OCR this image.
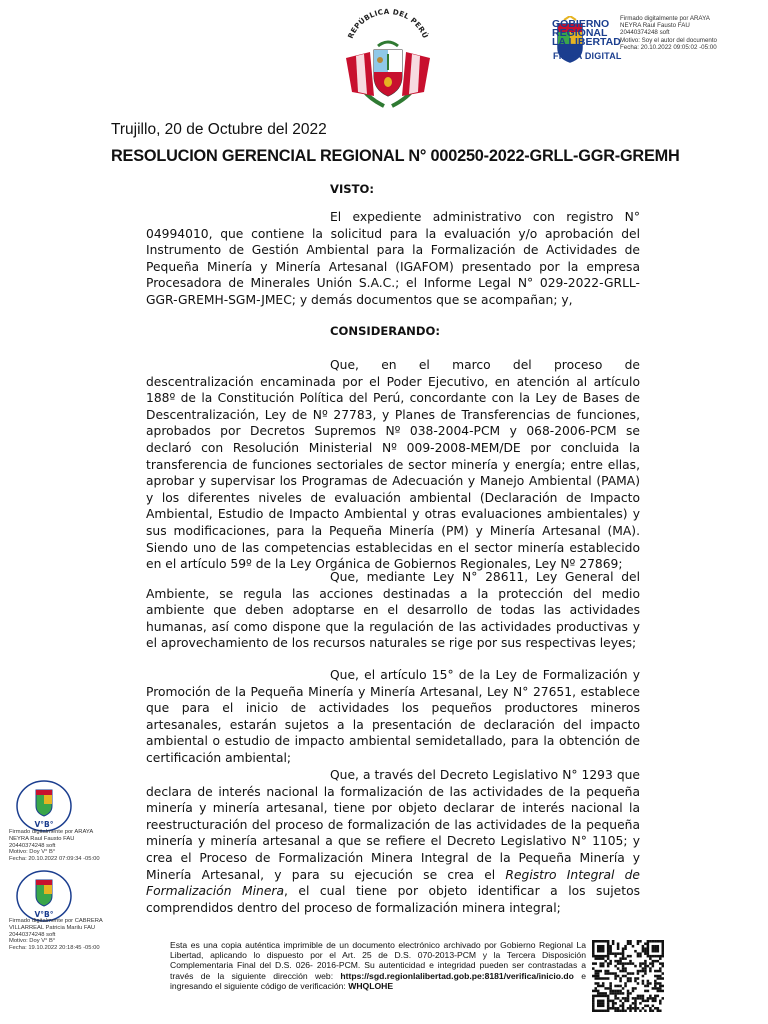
REPÚBLICA DEL PERÚ
GOBIERNO
REGIONAL
LA LIBERTAD
FIRMA DIGITAL
Firmado digitalmente por ARAYA
NEYRA Raul Fausto FAU
20440374248 soft
Motivo: Soy el autor del documento
Fecha: 20.10.2022 09:05:02 -05:00
Trujillo, 20 de Octubre del 2022
RESOLUCION GERENCIAL REGIONAL N° 000250-2022-GRLL-GGR-GREMH
VISTO:
El expediente administrativo con registro N° 04994010, que contiene la solicitud para la evaluación y/o aprobación del Instrumento de Gestión Ambiental para la Formalización de Actividades de Pequeña Minería y Minería Artesanal (IGAFOM) presentado por la empresa Procesadora de Minerales Unión S.A.C.; el Informe Legal N° 029-2022-GRLL-GGR-GREMH-SGM-JMEC; y demás documentos que se acompañan; y,
CONSIDERANDO:
Que, en el marco del proceso de descentralización encaminada por el Poder Ejecutivo, en atención al artículo 188º de la Constitución Política del Perú, concordante con la Ley de Bases de Descentralización, Ley de Nº 27783, y Planes de Transferencias de funciones, aprobados por Decretos Supremos Nº 038-2004-PCM y 068-2006-PCM se declaró con Resolución Ministerial Nº 009-2008-MEM/DE por concluida la transferencia de funciones sectoriales de sector minería y energía; entre ellas, aprobar y supervisar los Programas de Adecuación y Manejo Ambiental (PAMA) y los diferentes niveles de evaluación ambiental (Declaración de Impacto Ambiental, Estudio de Impacto Ambiental y otras evaluaciones ambientales) y sus modificaciones, para la Pequeña Minería (PM) y Minería Artesanal (MA). Siendo uno de las competencias establecidas en el sector minería establecido en el artículo 59º de la Ley Orgánica de Gobiernos Regionales, Ley Nº 27869;
Que, mediante Ley N° 28611, Ley General del Ambiente, se regula las acciones destinadas a la protección del medio ambiente que deben adoptarse en el desarrollo de todas las actividades humanas, así como dispone que la regulación de las actividades productivas y el aprovechamiento de los recursos naturales se rige por sus respectivas leyes;
Que, el artículo 15° de la Ley de Formalización y Promoción de la Pequeña Minería y Minería Artesanal, Ley N° 27651, establece que para el inicio de actividades los pequeños productores mineros artesanales, estarán sujetos a la presentación de declaración del impacto ambiental o estudio de impacto ambiental semidetallado, para la obtención de certificación ambiental;
Que, a través del Decreto Legislativo N° 1293 que declara de interés nacional la formalización de las actividades de la pequeña minería y minería artesanal, tiene por objeto declarar de interés nacional la reestructuración del proceso de formalización de las actividades de la pequeña minería y minería artesanal a que se refiere el Decreto Legislativo N° 1105; y crea el Proceso de Formalización Minera Integral de la Pequeña Minería y Minería Artesanal, y para su ejecución se crea el Registro Integral de Formalización Minera, el cual tiene por objeto identificar a los sujetos comprendidos dentro del proceso de formalización minera integral;
V°B°
Firmado digitalmente por ARAYA
NEYRA Raul Fausto FAU
20440374248 soft
Motivo: Doy V° B°
Fecha: 20.10.2022 07:09:34 -05:00
V°B°
Firmado digitalmente por CABRERA
VILLARREAL Patricia Marilu FAU
20440374248 soft
Motivo: Doy V° B°
Fecha: 19.10.2022 20:18:45 -05:00	Esta es una copia auténtica imprimible de un documento electrónico archivado por Gobierno Regional La Libertad, aplicando lo dispuesto por el Art. 25 de D.S. 070-2013-PCM y la Tercera Disposición Complementaria Final del D.S. 026- 2016-PCM. Su autenticidad e integridad pueden ser contrastadas a través de la siguiente dirección web: https://sgd.regionlalibertad.gob.pe:8181/verifica/inicio.do e ingresando el siguiente código de verificación: WHQLOHE
